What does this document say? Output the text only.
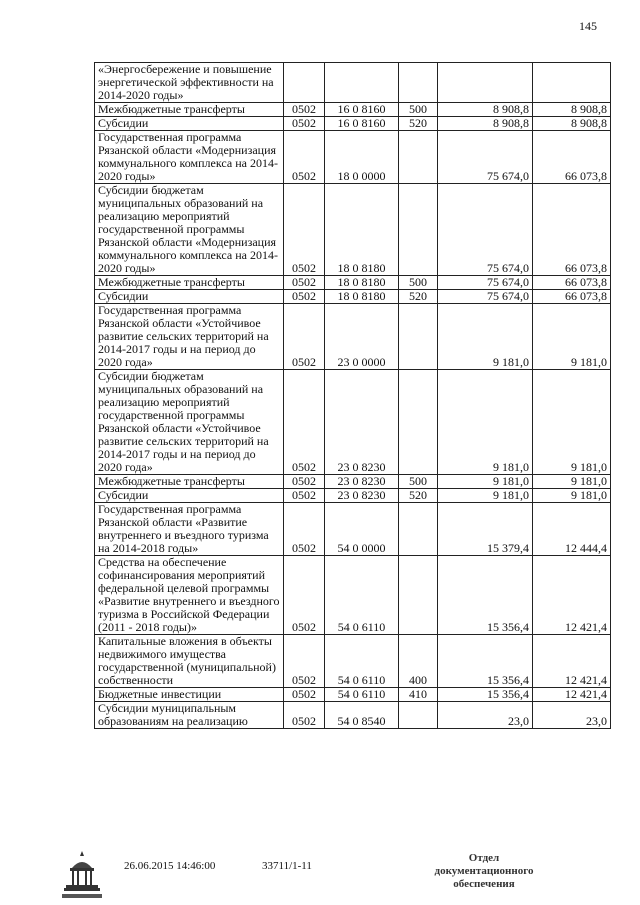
145
«Энергосбережение и повышение энергетической эффективности на 2014-2020 годы»					
Межбюджетные трансферты	0502	16 0 8160	500	8 908,8	8 908,8
Субсидии	0502	16 0 8160	520	8 908,8	8 908,8
Государственная программа Рязанской области «Модернизация коммунального комплекса на 2014-2020 годы»	0502	18 0 0000		75 674,0	66 073,8
Субсидии бюджетам муниципальных образований на реализацию мероприятий государственной программы Рязанской области «Модернизация коммунального комплекса на 2014-2020 годы»	0502	18 0 8180		75 674,0	66 073,8
Межбюджетные трансферты	0502	18 0 8180	500	75 674,0	66 073,8
Субсидии	0502	18 0 8180	520	75 674,0	66 073,8
Государственная программа Рязанской области «Устойчивое развитие сельских территорий на 2014-2017 годы и на период до 2020 года»	0502	23 0 0000		9 181,0	9 181,0
Субсидии бюджетам муниципальных образований на реализацию мероприятий государственной программы Рязанской области «Устойчивое развитие сельских территорий на 2014-2017 годы и на период до 2020 года»	0502	23 0 8230		9 181,0	9 181,0
Межбюджетные трансферты	0502	23 0 8230	500	9 181,0	9 181,0
Субсидии	0502	23 0 8230	520	9 181,0	9 181,0
Государственная программа Рязанской области «Развитие внутреннего и въездного туризма на 2014-2018 годы»	0502	54 0 0000		15 379,4	12 444,4
Средства на обеспечение софинансирования мероприятий федеральной целевой программы «Развитие внутреннего и въездного туризма в Российской Федерации (2011 - 2018 годы)»	0502	54 0 6110		15 356,4	12 421,4
Капитальные вложения в объекты недвижимого имущества государственной (муниципальной) собственности	0502	54 0 6110	400	15 356,4	12 421,4
Бюджетные инвестиции	0502	54 0 6110	410	15 356,4	12 421,4
Субсидии муниципальным образованиям на реализацию	0502	54 0 8540		23,0	23,0
26.06.2015 14:46:00	33711/1-11
Отдел документационного
обеспечения
